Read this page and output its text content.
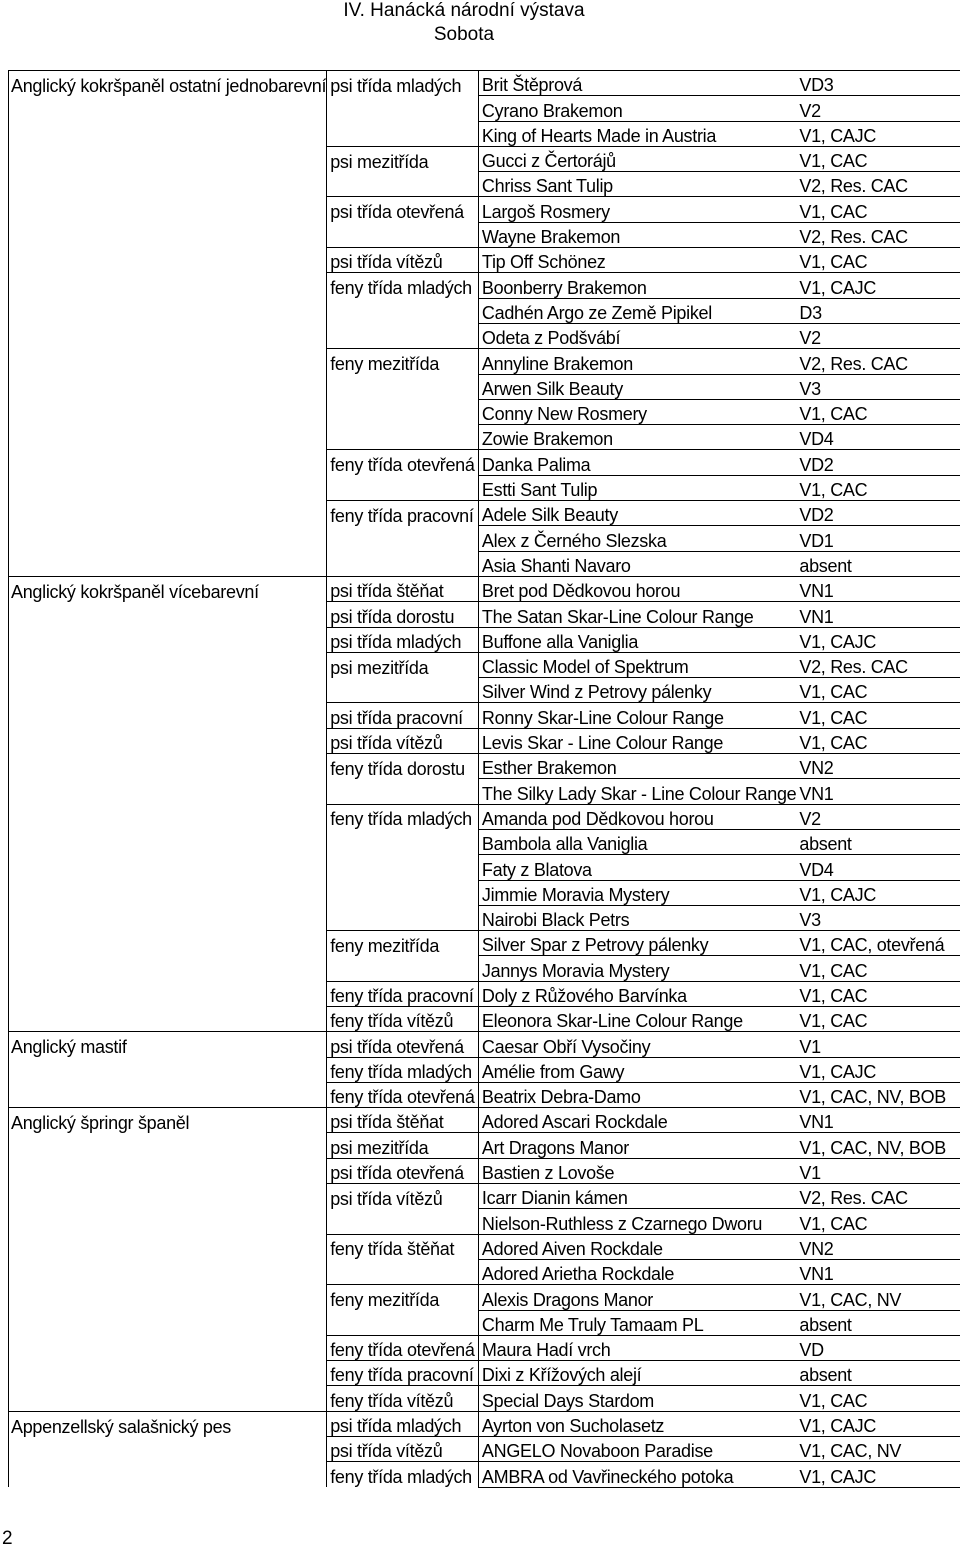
IV. Hanácká národní výstava
Sobota
Anglický kokršpaněl ostatní jednobarevní	psi třída mladých	Brit Štěprová	VD3
		Cyrano Brakemon	V2
		King of Hearts Made in Austria	V1, CAJC
	psi mezitřída	Gucci z Čertorájů	V1, CAC
		Chriss Sant Tulip	V2, Res. CAC
	psi třída otevřená	Largoš Rosmery	V1, CAC
		Wayne Brakemon	V2, Res. CAC
	psi třída vítězů	Tip Off Schönez	V1, CAC
	feny třída mladých	Boonberry Brakemon	V1, CAJC
		Cadhén Argo ze Země Pipikel	D3
		Odeta z Podšvábí	V2
	feny mezitřída	Annyline Brakemon	V2, Res. CAC
		Arwen Silk Beauty	V3
		Conny New Rosmery	V1, CAC
		Zowie Brakemon	VD4
	feny třída otevřená	Danka Palima	VD2
		Estti Sant Tulip	V1, CAC
	feny třída pracovní	Adele Silk Beauty	VD2
		Alex z Černého Slezska	VD1
		Asia Shanti Navaro	absent
Anglický kokršpaněl vícebarevní	psi třída štěňat	Bret pod Dědkovou horou	VN1
	psi třída dorostu	The Satan Skar-Line Colour Range	VN1
	psi třída mladých	Buffone alla Vaniglia	V1, CAJC
	psi mezitřída	Classic Model of Spektrum	V2, Res. CAC
		Silver Wind z Petrovy pálenky	V1, CAC
	psi třída pracovní	Ronny Skar-Line Colour Range	V1, CAC
	psi třída vítězů	Levis Skar - Line Colour Range	V1, CAC
	feny třída dorostu	Esther Brakemon	VN2
		The Silky Lady Skar - Line Colour Range	VN1
	feny třída mladých	Amanda pod Dědkovou horou	V2
		Bambola alla Vaniglia	absent
		Faty z Blatova	VD4
		Jimmie Moravia Mystery	V1, CAJC
		Nairobi Black Petrs	V3
	feny mezitřída	Silver Spar z Petrovy pálenky	V1, CAC, otevřená
		Jannys Moravia Mystery	V1, CAC
	feny třída pracovní	Doly z Růžového Barvínka	V1, CAC
	feny třída vítězů	Eleonora Skar-Line Colour Range	V1, CAC
Anglický mastif	psi třída otevřená	Caesar Obří Vysočiny	V1
	feny třída mladých	Amélie from Gawy	V1, CAJC
	feny třída otevřená	Beatrix Debra-Damo	V1, CAC, NV, BOB
Anglický špringr španěl	psi třída štěňat	Adored Ascari Rockdale	VN1
	psi mezitřída	Art Dragons Manor	V1, CAC, NV, BOB
	psi třída otevřená	Bastien z Lovoše	V1
	psi třída vítězů	Icarr Dianin kámen	V2, Res. CAC
		Nielson-Ruthless z Czarnego Dworu	V1, CAC
	feny třída štěňat	Adored Aiven Rockdale	VN2
		Adored Arietha Rockdale	VN1
	feny mezitřída	Alexis Dragons Manor	V1, CAC, NV
		Charm Me Truly Tamaam PL	absent
	feny třída otevřená	Maura Hadí vrch	VD
	feny třída pracovní	Dixi z Křížových alejí	absent
	feny třída vítězů	Special Days Stardom	V1, CAC
Appenzellský salašnický pes	psi třída mladých	Ayrton von Sucholasetz	V1, CAJC
	psi třída vítězů	ANGELO Novaboon Paradise	V1, CAC, NV
	feny třída mladých	AMBRA od Vavřineckého potoka	V1, CAJC
2
